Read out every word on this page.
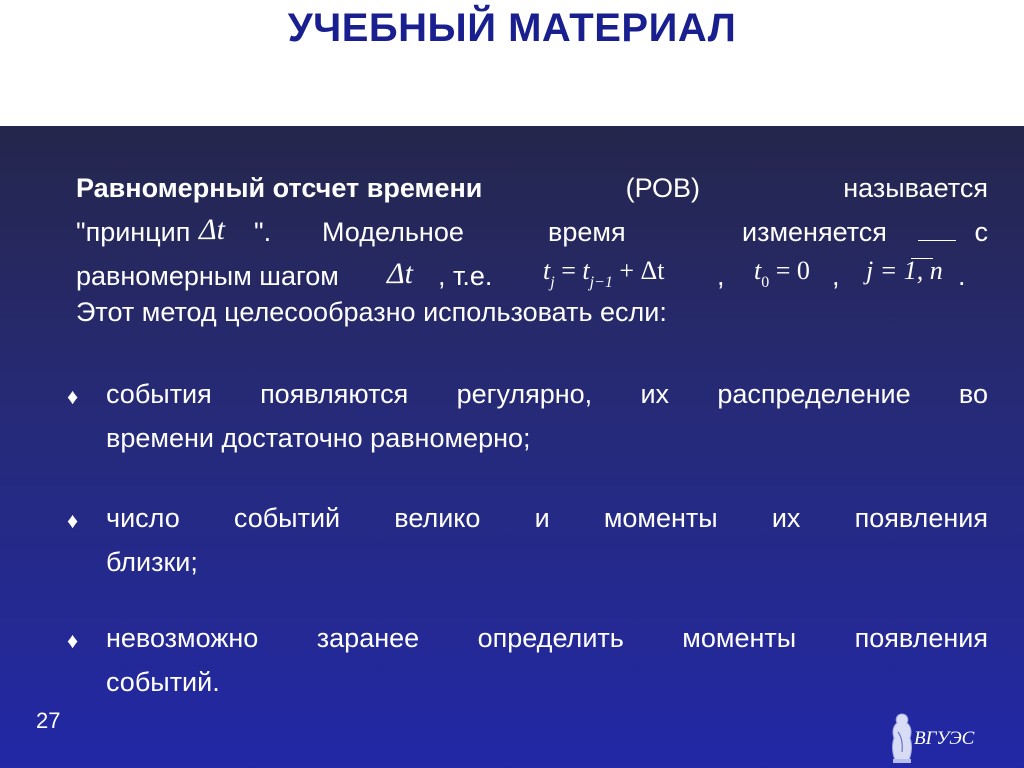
УЧЕБНЫЙ МАТЕРИАЛ
Равномерный отсчет времени	(РОВ)	называется
"принцип Δt ". Модельное	время	изменяется	с
равномерным шагом Δt , т.е. $t_j = t_{j-1} + \Delta t$ , $t_0 = 0$ , j = 1, n .
Этот метод целесообразно использовать если:
♦ события появляются регулярно, их распределение во
времени достаточно равномерно;
♦ число событий велико и моменты их появления
близки;
♦ невозможно заранее определить моменты появления
событий.
27
ВГУЭС
